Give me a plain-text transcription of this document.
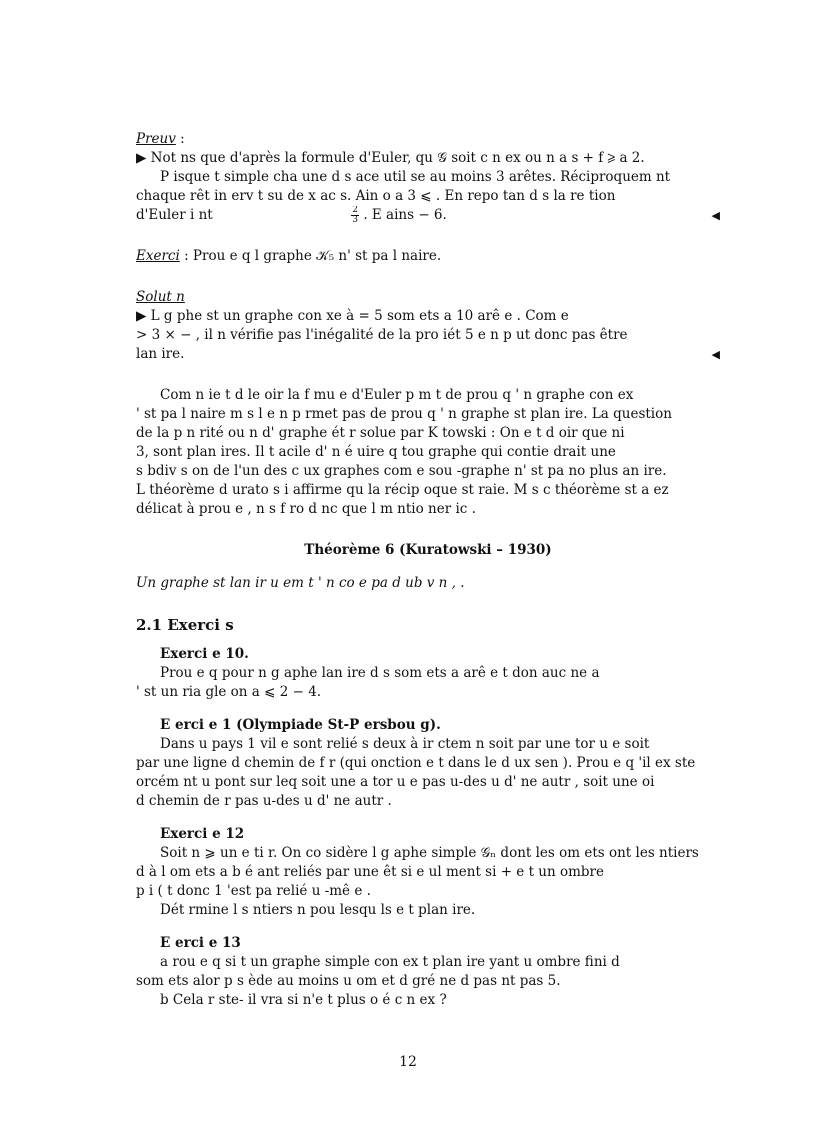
Preuv :
▶ Not ns que d'après la formule d'Euler, qu 𝒢 soit c n ex ou n a s + f ⩾ a 2.
P isque t simple cha une d s ace util se au moins 3 arêtes. Réciproquem nt
chaque rêt in erv t su de x ac s. Ain o a 3 ⩽ . En repo tan d s la re tion
d'Euler i nt	$\frac{2}{3}$ . E ains − 6.	◀
Exerci : Prou e q l graphe 𝒦₅ n' st pa l naire.
Solut n
▶ L g phe st un graphe con xe à = 5 som ets a 10 arê e . Com e
> 3 × − , il n vérifie pas l'inégalité de la pro iét 5 e n p ut donc pas être
lan ire.	◀
Com n ie t d le oir la f mu e d'Euler p m t de prou q ' n graphe con ex
' st pa l naire m s l e n p rmet pas de prou q ' n graphe st plan ire. La question
de la p n rité ou n d' graphe ét r solue par K towski : On e t d oir que ni
3, sont plan ires. Il t acile d' n é uire q tou graphe qui contie drait une
s bdiv s on de l'un des c ux graphes com e sou -graphe n' st pa no plus an ire.
L théorème d urato s i affirme qu la récip oque st raie. M s c théorème st a ez
délicat à prou e , n s f ro d nc que l m ntio ner ic .
Théorème 6 (Kuratowski – 1930)
Un graphe st lan ir u em t ' n co e pa d ub v n , .
2.1 Exerci s
Exerci e 10.
Prou e q pour n g aphe lan ire d s som ets a arê e t don auc ne a
' st un ria gle on a ⩽ 2 − 4.
E erci e 1 (Olympiade St-P ersbou g).
Dans u pays 1 vil e sont relié s deux à ir ctem n soit par une tor u e soit
par une ligne d chemin de f r (qui onction e t dans le d ux sen ). Prou e q 'il ex ste
orcém nt u pont sur leq soit une a tor u e pas u-des u d' ne autr , soit une oi
d chemin de r pas u-des u d' ne autr .
Exerci e 12
Soit n ⩾ un e ti r. On co sidère l g aphe simple 𝒢ₙ dont les om ets ont les ntiers
d à l om ets a b é ant reliés par une êt si e ul ment si + e t un ombre
p i ( t donc 1 'est pa relié u -mê e .
Dét rmine l s ntiers n pou lesqu ls e t plan ire.
E erci e 13
a rou e q si t un graphe simple con ex t plan ire yant u ombre fini d
som ets alor p s ède au moins u om et d gré ne d pas nt pas 5.
b Cela r ste- il vra si n'e t plus o é c n ex ?
12
